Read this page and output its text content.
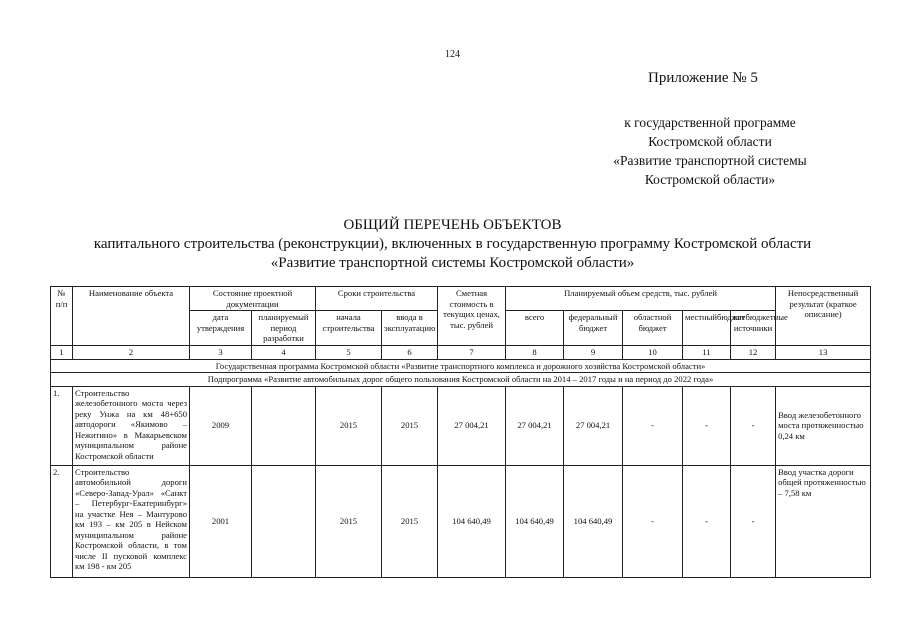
124
Приложение № 5
к государственной программе
Костромской области
«Развитие транспортной системы
Костромской области»
ОБЩИЙ ПЕРЕЧЕНЬ ОБЪЕКТОВ
капитального строительства (реконструкции), включенных в государственную программу Костромской области
«Развитие транспортной системы Костромской области»
№ п/п	Наименование объекта	Состояние проектной документации		Сроки строительства		Сметная стоимость в текущих ценах, тыс. рублей	Планируемый объем средств, тыс. рублей					Непосредственный результат (краткое описание)
		дата утверждения	планируемый период разработки	начала строительства	ввода в эксплуатацию		всего	федеральный бюджет	областной бюджет	местныйбюджет	внебюджетные источники	
1	2	3	4	5	6	7	8	9	10	11	12	13
Государственная программа Костромской области «Развитие транспортного комплекса и дорожного хозяйства Костромской области»												
Подпрограмма «Развитие автомобильных дорог общего пользования Костромской области на 2014 – 2017 годы и на период до 2022 года»												
1.	Строительство железобетонного моста через реку Унжа на км 48+650 автодороги «Якимово – Нежитино» в Макарьевском муниципальном районе Костромской области	2009		2015	2015	27 004,21	27 004,21	27 004,21	-	-	-	Ввод железобетонного моста протяженностью 0,24 км
2.	Строительство автомобильной дороги «Северо-Запад-Урал» «Санкт – Петербург-Екатеринбург» на участке Нея – Мантурово км 193 – км 205 в Нейском муниципальном районе Костромской области, в том числе II пусковой комплекс км 198 - км 205	2001		2015	2015	104 640,49	104 640,49	104 640,49	-	-	-	Ввод участка дороги общей протяженностью – 7,58 км
